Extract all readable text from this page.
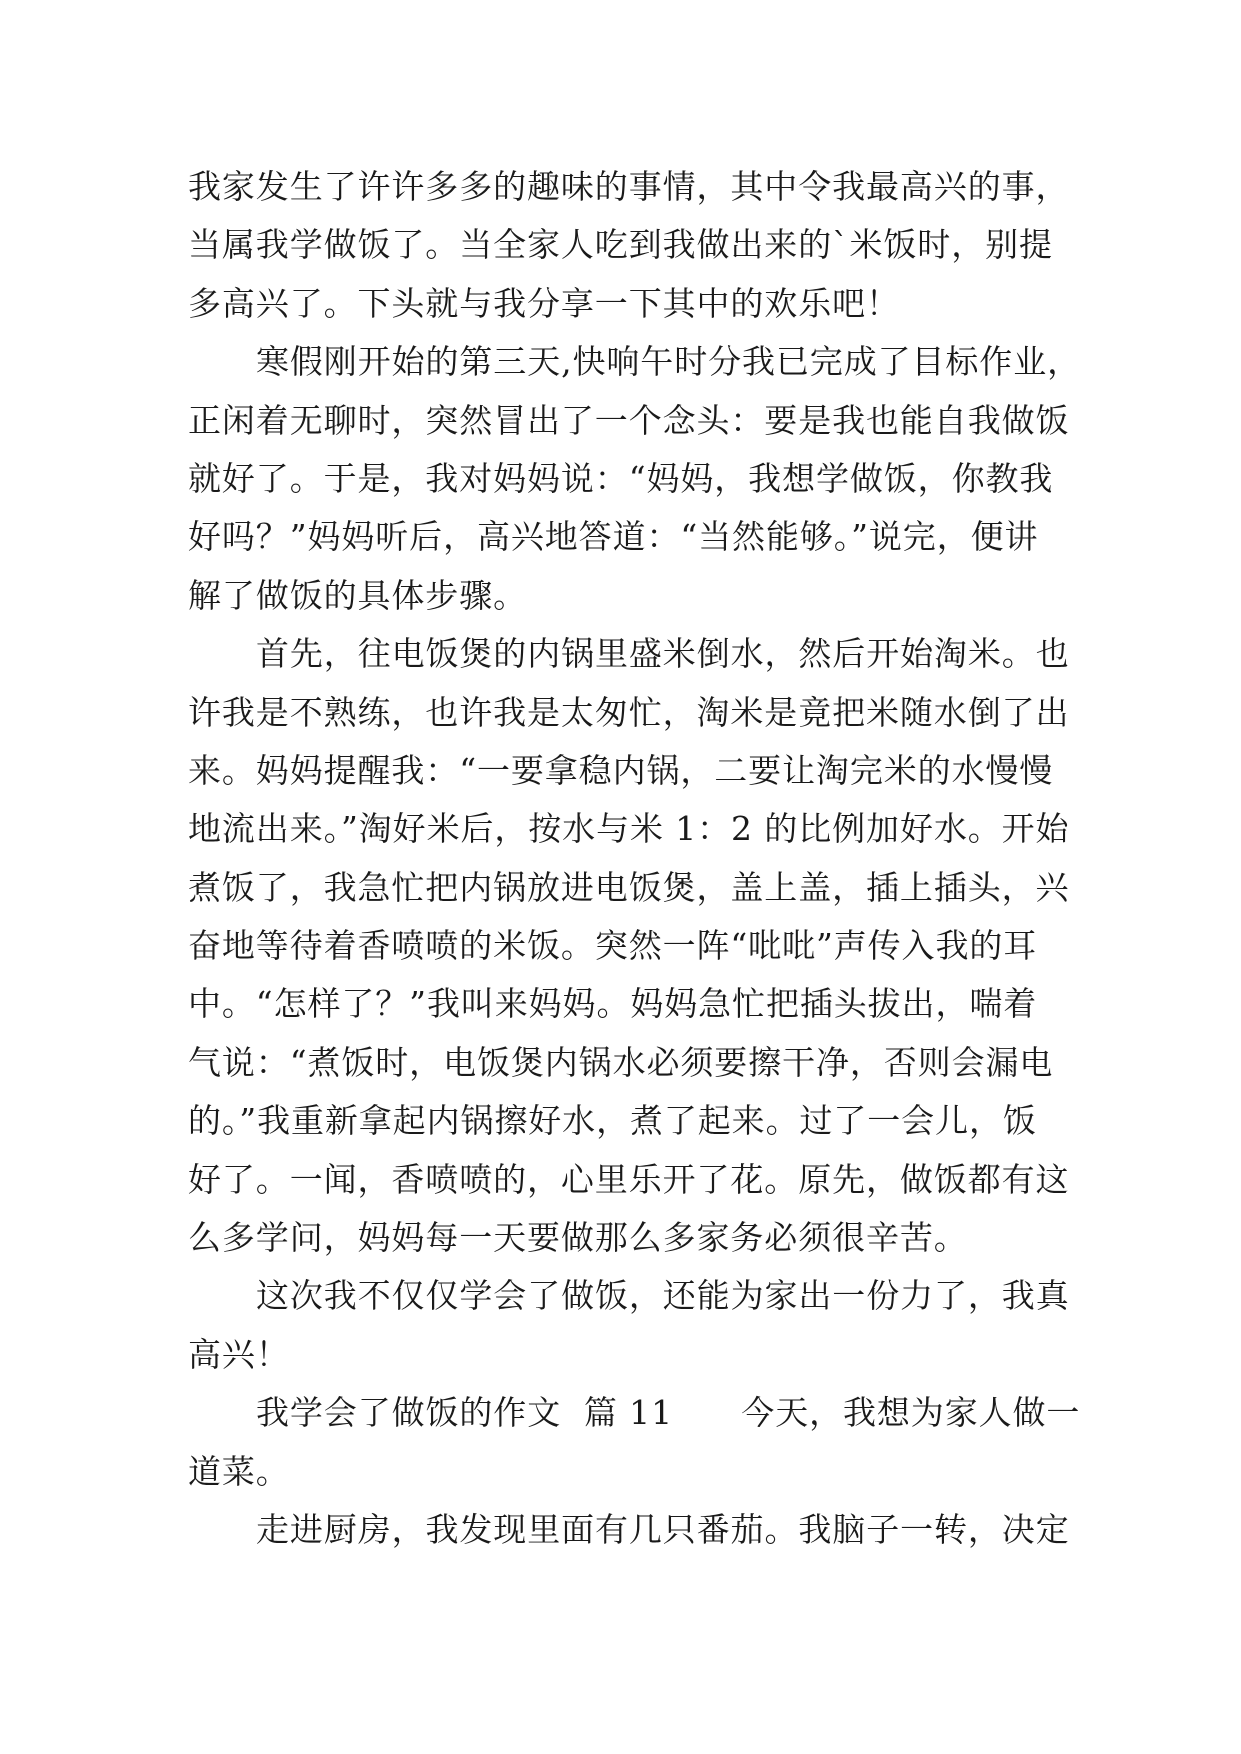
我家发生了许许多多的趣味的事情，其中令我最高兴的事，
当属我学做饭了。当全家人吃到我做出来的`米饭时，别提
多高兴了。下头就与我分享一下其中的欢乐吧！
寒假刚开始的第三天,快响午时分我已完成了目标作业，
正闲着无聊时，突然冒出了一个念头：要是我也能自我做饭
就好了。于是，我对妈妈说：“妈妈，我想学做饭，你教我
好吗？”妈妈听后，高兴地答道：“当然能够。”说完，便讲
解了做饭的具体步骤。
首先，往电饭煲的内锅里盛米倒水，然后开始淘米。也
许我是不熟练，也许我是太匆忙，淘米是竟把米随水倒了出
来。妈妈提醒我：“一要拿稳内锅，二要让淘完米的水慢慢
地流出来。”淘好米后，按水与米 1：2 的比例加好水。开始
煮饭了，我急忙把内锅放进电饭煲，盖上盖，插上插头，兴
奋地等待着香喷喷的米饭。突然一阵“吡吡”声传入我的耳
中。“怎样了？”我叫来妈妈。妈妈急忙把插头拔出，喘着
气说：“煮饭时，电饭煲内锅水必须要擦干净，否则会漏电
的。”我重新拿起内锅擦好水，煮了起来。过了一会儿，饭
好了。一闻，香喷喷的，心里乐开了花。原先，做饭都有这
么多学问，妈妈每一天要做那么多家务必须很辛苦。
这次我不仅仅学会了做饭，还能为家出一份力了，我真
高兴！
我学会了做饭的作文  篇 11      今天，我想为家人做一
道菜。
走进厨房，我发现里面有几只番茄。我脑子一转，决定
